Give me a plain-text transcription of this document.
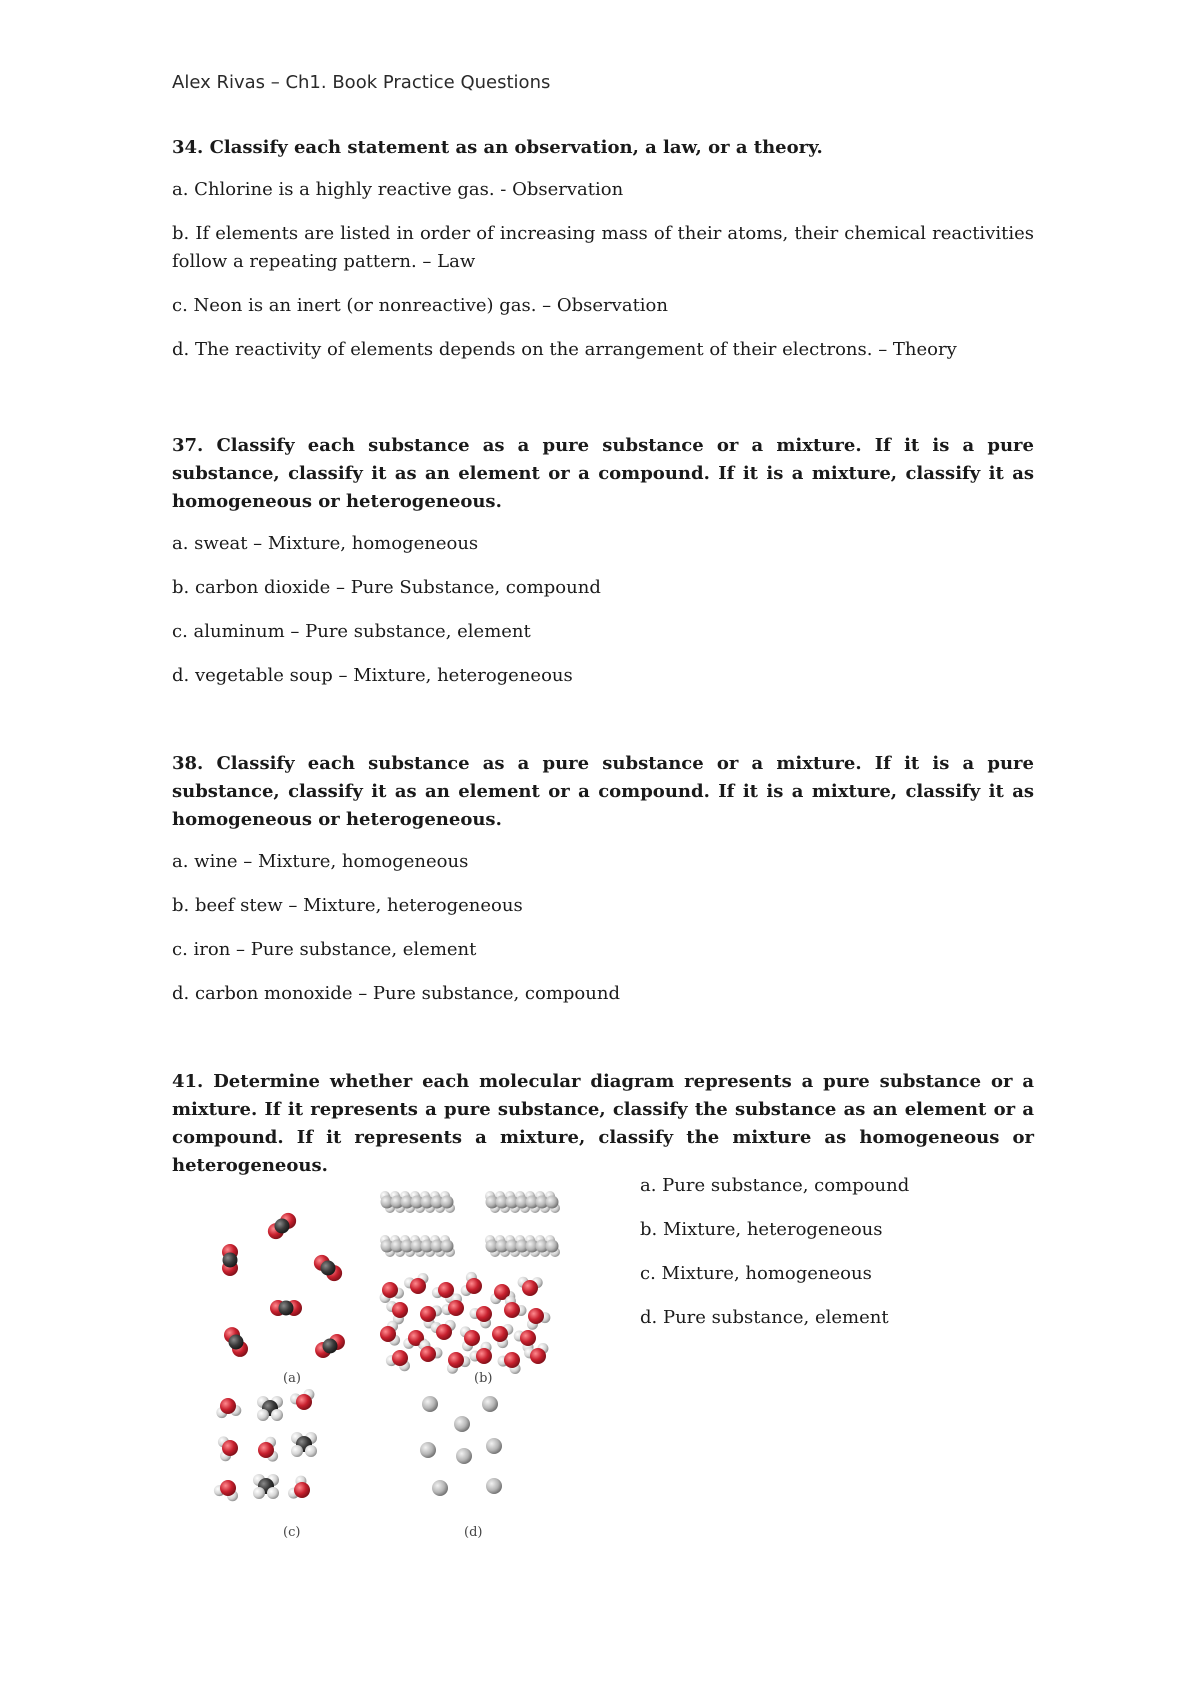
Alex Rivas – Ch1. Book Practice Questions

34. Classify each statement as an observation, a law, or a theory.

a. Chlorine is a highly reactive gas. - Observation

b. If elements are listed in order of increasing mass of their atoms, their chemical reactivities follow a repeating pattern. – Law

c. Neon is an inert (or nonreactive) gas. – Observation

d. The reactivity of elements depends on the arrangement of their electrons. – Theory

37. Classify each substance as a pure substance or a mixture. If it is a pure substance, classify it as an element or a compound. If it is a mixture, classify it as homogeneous or heterogeneous.

a. sweat – Mixture, homogeneous

b. carbon dioxide – Pure Substance, compound

c. aluminum – Pure substance, element

d. vegetable soup – Mixture, heterogeneous

38. Classify each substance as a pure substance or a mixture. If it is a pure substance, classify it as an element or a compound. If it is a mixture, classify it as homogeneous or heterogeneous.

a. wine – Mixture, homogeneous

b. beef stew – Mixture, heterogeneous

c. iron – Pure substance, element

d. carbon monoxide – Pure substance, compound

41. Determine whether each molecular diagram represents a pure substance or a mixture. If it represents a pure substance, classify the substance as an element or a compound. If it represents a mixture, classify the mixture as homogeneous or heterogeneous.

a. Pure substance, compound

b. Mixture, heterogeneous

c. Mixture, homogeneous

d. Pure substance, element

(a)	(b)
(c)	(d)
